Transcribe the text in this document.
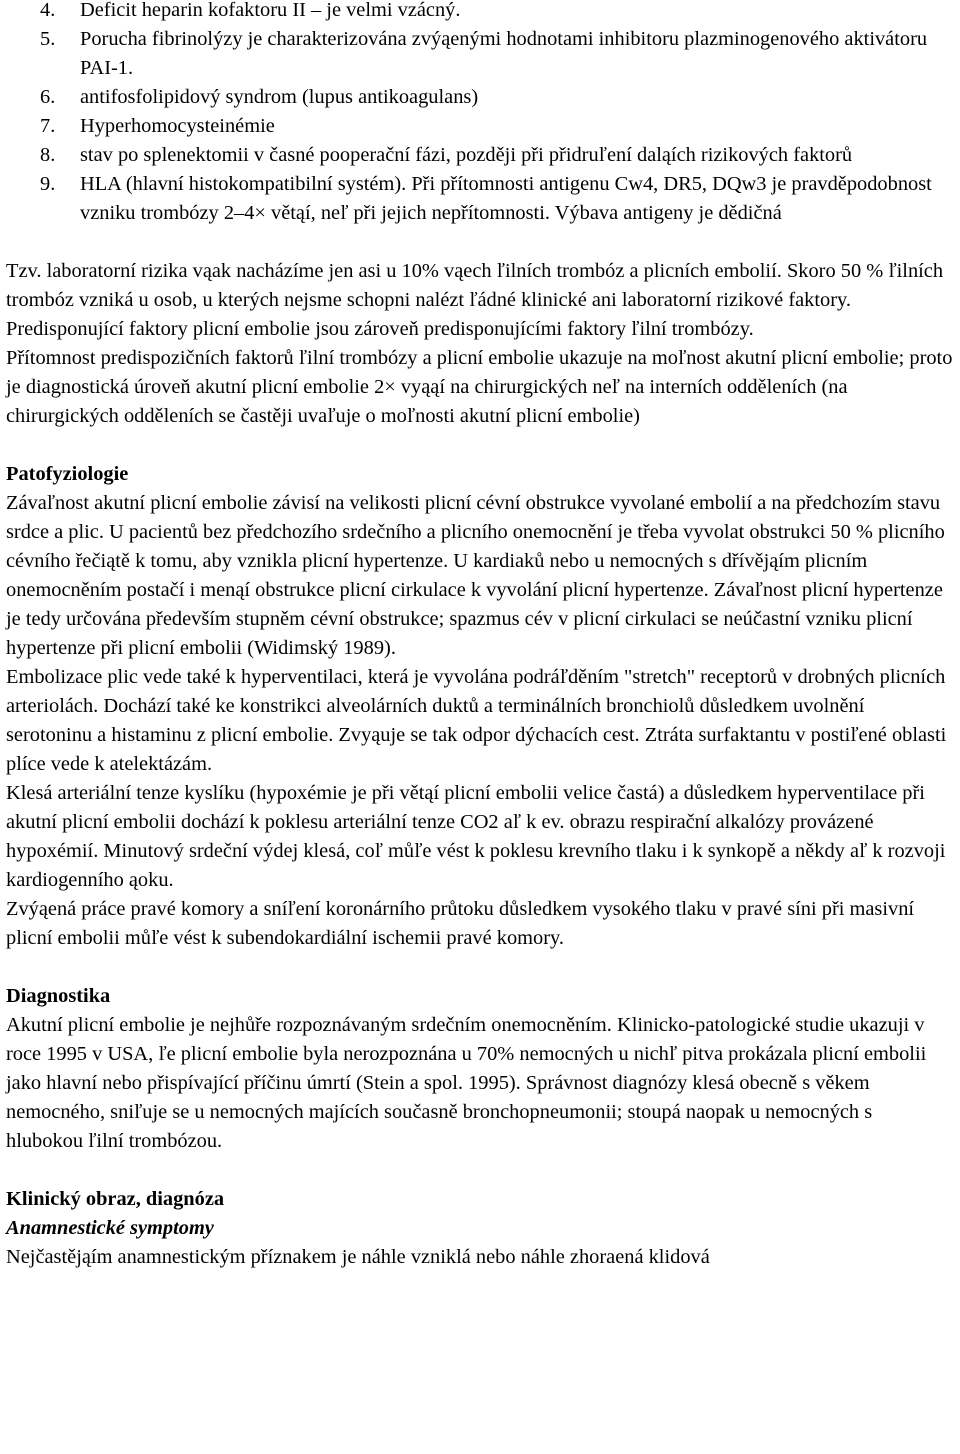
4.	Deficit heparin kofaktoru II – je velmi vzácný.
5.	Porucha fibrinolýzy je charakterizována zvýąenými hodnotami inhibitoru plazminogenového aktivátoru PAI-1.
6.	antifosfolipidový syndrom (lupus antikoagulans)
7.	Hyperhomocysteinémie
8.	stav po splenektomii v časné pooperační fázi, později při přidruľení daląích rizikových faktorů
9.	HLA (hlavní histokompatibilní systém). Při přítomnosti antigenu Cw4, DR5, DQw3 je pravděpodobnost vzniku trombózy 2–4× větąí, neľ při jejich nepřítomnosti. Výbava antigeny je dědičná

Tzv. laboratorní rizika vąak nacházíme jen asi u 10% vąech ľilních trombóz a plicních embolií. Skoro 50 % ľilních trombóz vzniká u osob, u kterých nejsme schopni nalézt ľádné klinické ani laboratorní rizikové faktory.

Predisponující faktory plicní embolie jsou zároveň predisponujícími faktory ľilní trombózy.

Přítomnost predispozičních faktorů ľilní trombózy a plicní embolie ukazuje na moľnost akutní plicní embolie; proto je diagnostická úroveň akutní plicní embolie 2× vyąąí na chirurgických neľ na interních odděleních (na chirurgických odděleních se častěji uvaľuje o moľnosti akutní plicní embolie)

Patofyziologie

Závaľnost akutní plicní embolie závisí na velikosti plicní cévní obstrukce vyvolané embolií a na předchozím stavu srdce a plic. U pacientů bez předchozího srdečního a plicního onemocnění je třeba vyvolat obstrukci 50 % plicního cévního řečiątě k tomu, aby vznikla plicní hypertenze. U kardiaků nebo u nemocných s dřívějąím plicním onemocněním postačí i menąí obstrukce plicní cirkulace k vyvolání plicní hypertenze. Závaľnost plicní hypertenze je tedy určována především stupněm cévní obstrukce; spazmus cév v plicní cirkulaci se neúčastní vzniku plicní hypertenze při plicní embolii (Widimský 1989).

Embolizace plic vede také k hyperventilaci, která je vyvolána podráľděním "stretch" receptorů v drobných plicních arteriolách. Dochází také ke konstrikci alveolárních duktů a terminálních bronchiolů důsledkem uvolnění serotoninu a histaminu z plicní embolie. Zvyąuje se tak odpor dýchacích cest. Ztráta surfaktantu v postiľené oblasti plíce vede k atelektázám.

Klesá arteriální tenze kyslíku (hypoxémie je při větąí plicní embolii velice častá) a důsledkem hyperventilace při akutní plicní embolii dochází k poklesu arteriální tenze CO2 aľ k ev. obrazu respirační alkalózy provázené hypoxémií. Minutový srdeční výdej klesá, coľ můľe vést k poklesu krevního tlaku i k synkopě a někdy aľ k rozvoji kardiogenního ąoku.

Zvýąená práce pravé komory a sníľení koronárního průtoku důsledkem vysokého tlaku v pravé síni při masivní plicní embolii můľe vést k subendokardiální ischemii pravé komory.

Diagnostika

Akutní plicní embolie je nejhůře rozpoznávaným srdečním onemocněním. Klinicko-patologické studie ukazuji v roce 1995 v USA, ľe plicní embolie byla nerozpoznána u 70% nemocných u nichľ pitva prokázala plicní embolii jako hlavní nebo přispívající příčinu úmrtí (Stein a spol. 1995). Správnost diagnózy klesá obecně s věkem nemocného, sniľuje se u nemocných majících současně bronchopneumonii; stoupá naopak u nemocných s hlubokou ľilní trombózou.

Klinický obraz, diagnóza
Anamnestické symptomy

Nejčastějąím anamnestickým příznakem je náhle vzniklá nebo náhle zhoraená klidová
